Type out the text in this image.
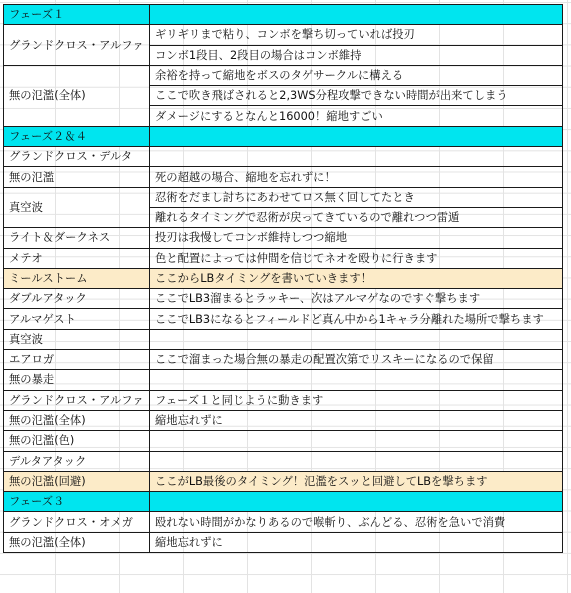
フェーズ１	
グランドクロス・アルファ	ギリギリまで粘り、コンボを撃ち切っていれば投刃
	コンボ1段目、2段目の場合はコンボ維持
無の氾濫(全体)	余裕を持って縮地をボスのタゲサークルに構える
	ここで吹き飛ばされると2,3WS分程攻撃できない時間が出来てしまう
	ダメージにするとなんと16000！縮地すごい
フェーズ２＆４	
グランドクロス・デルタ	
無の氾濫	死の超越の場合、縮地を忘れずに！
真空波	忍術をだまし討ちにあわせてロス無く回してたとき
	離れるタイミングで忍術が戻ってきているので離れつつ雷遁
ライト＆ダークネス	投刃は我慢してコンボ維持しつつ縮地
メテオ	色と配置によっては仲間を信じてネオを殴りに行きます
ミールストーム	ここからLBタイミングを書いていきます！
ダブルアタック	ここでLB3溜まるとラッキー、次はアルマゲなのですぐ撃ちます
アルマゲスト	ここでLB3になるとフィールドど真ん中から1キャラ分離れた場所で撃ちます
真空波	
エアロガ	ここで溜まった場合無の暴走の配置次第でリスキーになるので保留
無の暴走	
グランドクロス・アルファ	フェーズ１と同じように動きます
無の氾濫(全体)	縮地忘れずに
無の氾濫(色)	
デルタアタック	
無の氾濫(回避)	ここがLB最後のタイミング！氾濫をスッと回避してLBを撃ちます
フェーズ３	
グランドクロス・オメガ	殴れない時間がかなりあるので喉斬り、ぶんどる、忍術を急いで消費
無の氾濫(全体)	縮地忘れずに
